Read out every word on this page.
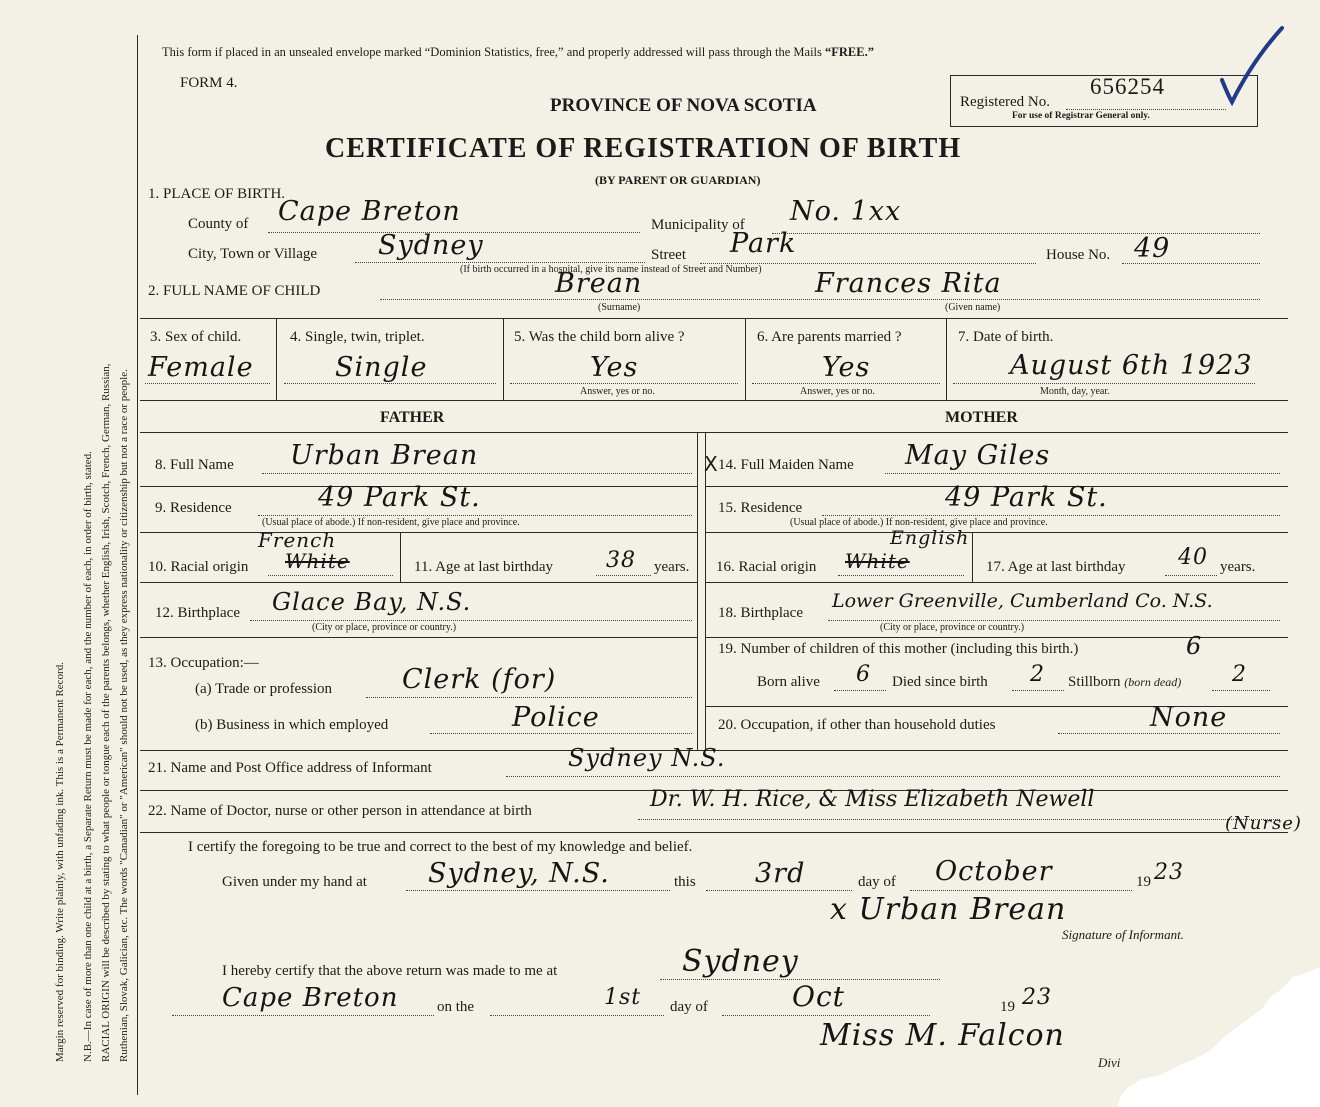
Margin reserved for binding. Write plainly, with unfading ink. This is a Permanent Record. N.B.—In case of more than one child at a birth, a Separate Return must be made for each, and the number of each, in order of birth, stated. RACIAL ORIGIN will be described by stating to what people or tongue each of the parents belongs, whether English, Irish, Scotch, French, German, Russian, Ruthenian, Slovak, Galician, etc. The words "Canadian" or "American" should not be used, as they express nationality or citizenship but not a race or people.
This form if placed in an unsealed envelope marked “Dominion Statistics, free,” and properly addressed will pass through the Mails “FREE.”
FORM 4.
PROVINCE OF NOVA SCOTIA	Registered No.
656254
For use of Registrar General only.
CERTIFICATE OF REGISTRATION OF BIRTH
(BY PARENT OR GUARDIAN)
1. PLACE OF BIRTH.
County of Cape Breton	Municipality of No. 1xx
City, Town or Village Sydney	Street Park	House No. 49
(If birth occurred in a hospital, give its name instead of Street and Number)
2. FULL NAME OF CHILD	Brean	Frances Rita
(Surname)	(Given name)
3. Sex of child.
Female
4. Single, twin, triplet.
Single
5. Was the child born alive ?
Yes
Answer, yes or no.
6. Are parents married ?
Yes
Answer, yes or no.
7. Date of birth.
August 6th 1923
Month, day, year.
FATHER	MOTHER
8. Full Name Urban Brean
9. Residence	49 Park St.
(Usual place of abode.) If non-resident, give place and province.
10. Racial origin White
French
11. Age at last birthday 38 years.
12. Birthplace Glace Bay, N.S.
(City or place, province or country.)
13. Occupation:—
(a) Trade or profession	Clerk (for)
(b) Business in which employed	Police
X 14. Full Maiden Name May Giles
15. Residence	49 Park St.
(Usual place of abode.) If non-resident, give place and province.
16. Racial origin White
English
17. Age at last birthday 40 years.
18. Birthplace
Lower Greenville, Cumberland Co. N.S.
(City or place, province or country.)
19. Number of children of this mother (including this birth.)	6
Born alive 6 Died since birth 2 Stillborn (born dead) 2
20. Occupation, if other than household duties	None
21. Name and Post Office address of Informant	Sydney N.S.
22. Name of Doctor, nurse or other person in attendance at birth	Dr. W. H. Rice, & Miss Elizabeth Newell
(Nurse)
I certify the foregoing to be true and correct to the best of my knowledge and belief.
Given under my hand at Sydney, N.S.	this 3rd	day of October	19 23
x Urban Brean
Signature of Informant.
I hereby certify that the above return was made to me at	Sydney
Cape Breton	on the	1st day of	Oct	19 23
Miss M. Falcon
Divi
